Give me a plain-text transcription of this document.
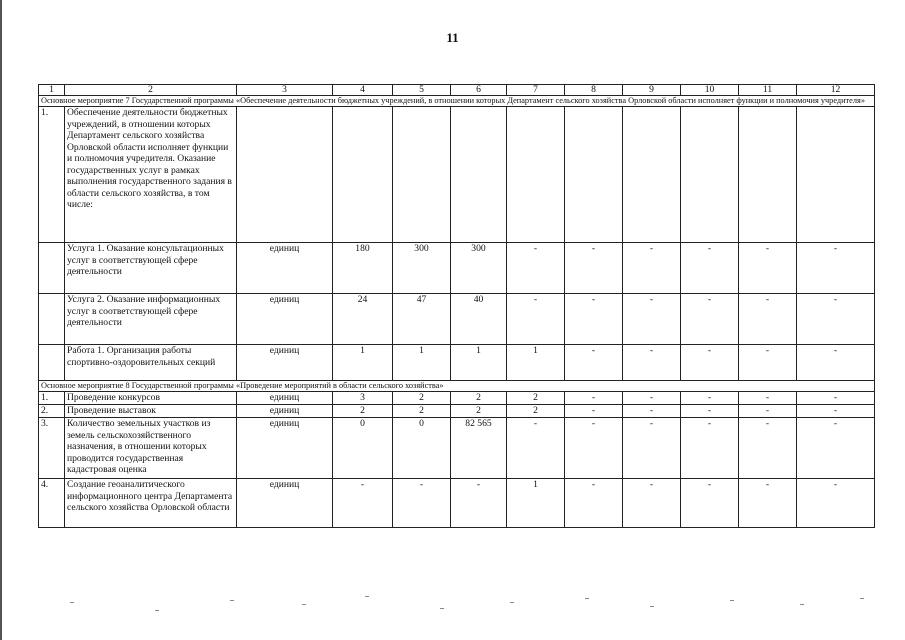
11
1	2	3	4	5	6	7	8	9	10	11	12
Основное мероприятие 7 Государственной программы «Обеспечение деятельности бюджетных учреждений, в отношении которых Департамент сельского хозяйства Орловской области исполняет функции и полномочия учредителя»											
1.	Обеспечение деятельности бюджетных учреждений, в отношении которых Департамент сельского хозяйства Орловской области исполняет функции и полномочия учредителя. Оказание государственных услуг в рамках выполнения государственного задания в области сельского хозяйства, в том числе:										
	Услуга 1. Оказание консультационных услуг в соответствующей сфере деятельности	единиц	180	300	300	-	-	-	-	-	-
	Услуга 2. Оказание информационных услуг в соответствующей сфере деятельности	единиц	24	47	40	-	-	-	-	-	-
	Работа 1. Организация работы спортивно-оздоровительных секций	единиц	1	1	1	1	-	-	-	-	-
Основное мероприятие 8 Государственной программы «Проведение мероприятий в области сельского хозяйства»											
1.	Проведение конкурсов	единиц	3	2	2	2	-	-	-	-	-
2.	Проведение выставок	единиц	2	2	2	2	-	-	-	-	-
3.	Количество земельных участков из земель сельскохозяйственного назначения, в отношении которых проводится государственная кадастровая оценка	единиц	0	0	82 565	-	-	-	-	-	-
4.	Создание геоаналитического информационного центра Департамента сельского хозяйства Орловской области	единиц	-	-	-	1	-	-	-	-	-
